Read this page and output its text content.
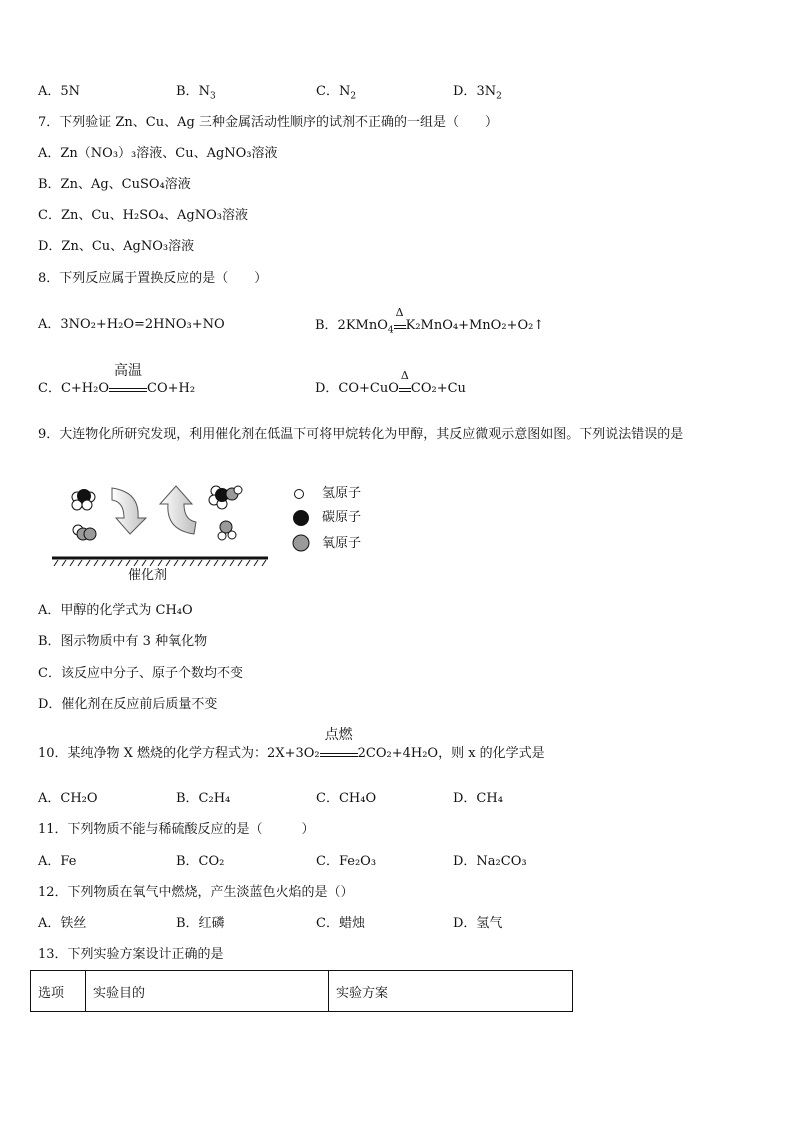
A．5N	B．$N_3$	C．$N_2$	D．$3N_2$
7．下列验证 Zn、Cu、Ag 三种金属活动性顺序的试剂不正确的一组是（　　）
A．Zn（NO₃）₃溶液、Cu、AgNO₃溶液
B．Zn、Ag、CuSO₄溶液
C．Zn、Cu、H₂SO₄、AgNO₃溶液
D．Zn、Cu、AgNO₃溶液
8．下列反应属于置换反应的是（　　）
A．3NO₂+H₂O=2HNO₃+NO	B．2KMnO$_4$
Δ
K₂MnO₄+MnO₂+O₂↑
C．C+H₂O
高温
CO+H₂	D．CO+CuO
Δ
CO₂+Cu
9．大连物化所研究发现，利用催化剂在低温下可将甲烷转化为甲醇，其反应微观示意图如图。下列说法错误的是
氢原子
碳原子
氧原子
催化剂
A．甲醇的化学式为 CH₄O
B．图示物质中有 3 种氧化物
C．该反应中分子、原子个数均不变
D．催化剂在反应前后质量不变
10．某纯净物 X 燃烧的化学方程式为：2X+3O₂
点燃
2CO₂+4H₂O，则 x 的化学式是
A．CH₂O	B．C₂H₄	C．CH₄O	D．CH₄
11．下列物质不能与稀硫酸反应的是（　　　）
A．Fe	B．CO₂	C．Fe₂O₃	D．Na₂CO₃
12．下列物质在氧气中燃烧，产生淡蓝色火焰的是（）
A．铁丝	B．红磷	C．蜡烛	D．氢气
13．下列实验方案设计正确的是
选项	实验目的	实验方案
